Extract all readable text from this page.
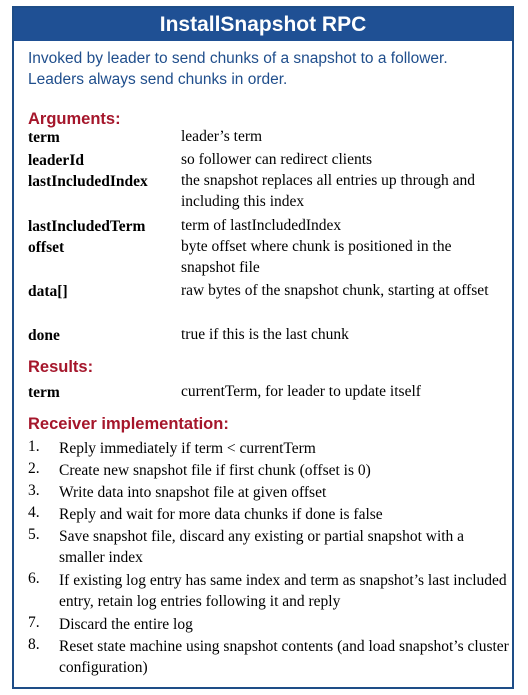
InstallSnapshot RPC
Invoked by leader to send chunks of a snapshot to a follower. Leaders always send chunks in order.
Arguments:
term	leader’s term
leaderId	so follower can redirect clients
lastIncludedIndex the snapshot replaces all entries up through and including this index
lastIncludedTerm term of lastIncludedIndex
offset	byte offset where chunk is positioned in the snapshot file
data[]	raw bytes of the snapshot chunk, starting at offset
done	true if this is the last chunk
Results:
term	currentTerm, for leader to update itself
Receiver implementation:
1. Reply immediately if term < currentTerm
2. Create new snapshot file if first chunk (offset is 0)
3. Write data into snapshot file at given offset
4. Reply and wait for more data chunks if done is false
5. Save snapshot file, discard any existing or partial snapshot with a smaller index
6. If existing log entry has same index and term as snapshot’s last included entry, retain log entries following it and reply
7. Discard the entire log
8. Reset state machine using snapshot contents (and load snapshot’s cluster configuration)
